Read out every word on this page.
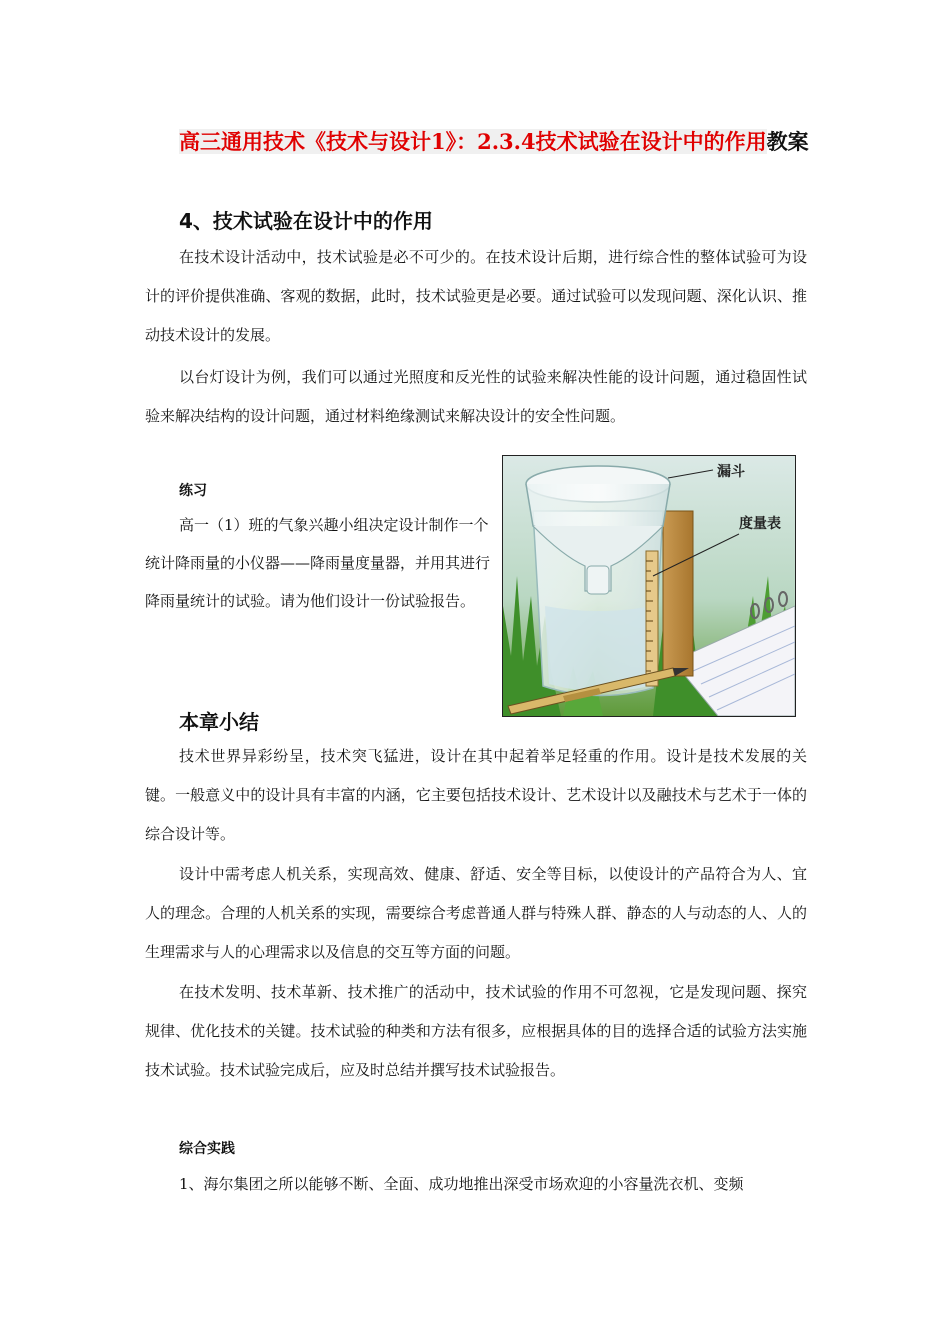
高三通用技术《技术与设计1》：2.3.4技术试验在设计中的作用教案

4、技术试验在设计中的作用

在技术设计活动中，技术试验是必不可少的。在技术设计后期，进行综合性的整体试验可为设计的评价提供准确、客观的数据，此时，技术试验更是必要。通过试验可以发现问题、深化认识、推动技术设计的发展。

以台灯设计为例，我们可以通过光照度和反光性的试验来解决性能的设计问题，通过稳固性试验来解决结构的设计问题，通过材料绝缘测试来解决设计的安全性问题。

练习

高一（1）班的气象兴趣小组决定设计制作一个统计降雨量的小仪器——降雨量度量器，并用其进行降雨量统计的试验。请为他们设计一份试验报告。

漏斗
度量表
本章小结

技术世界异彩纷呈，技术突飞猛进，设计在其中起着举足轻重的作用。设计是技术发展的关键。一般意义中的设计具有丰富的内涵，它主要包括技术设计、艺术设计以及融技术与艺术于一体的综合设计等。

设计中需考虑人机关系，实现高效、健康、舒适、安全等目标，以使设计的产品符合为人、宜人的理念。合理的人机关系的实现，需要综合考虑普通人群与特殊人群、静态的人与动态的人、人的生理需求与人的心理需求以及信息的交互等方面的问题。

在技术发明、技术革新、技术推广的活动中，技术试验的作用不可忽视，它是发现问题、探究规律、优化技术的关键。技术试验的种类和方法有很多，应根据具体的目的选择合适的试验方法实施技术试验。技术试验完成后，应及时总结并撰写技术试验报告。

综合实践

1、海尔集团之所以能够不断、全面、成功地推出深受市场欢迎的小容量洗衣机、变频
